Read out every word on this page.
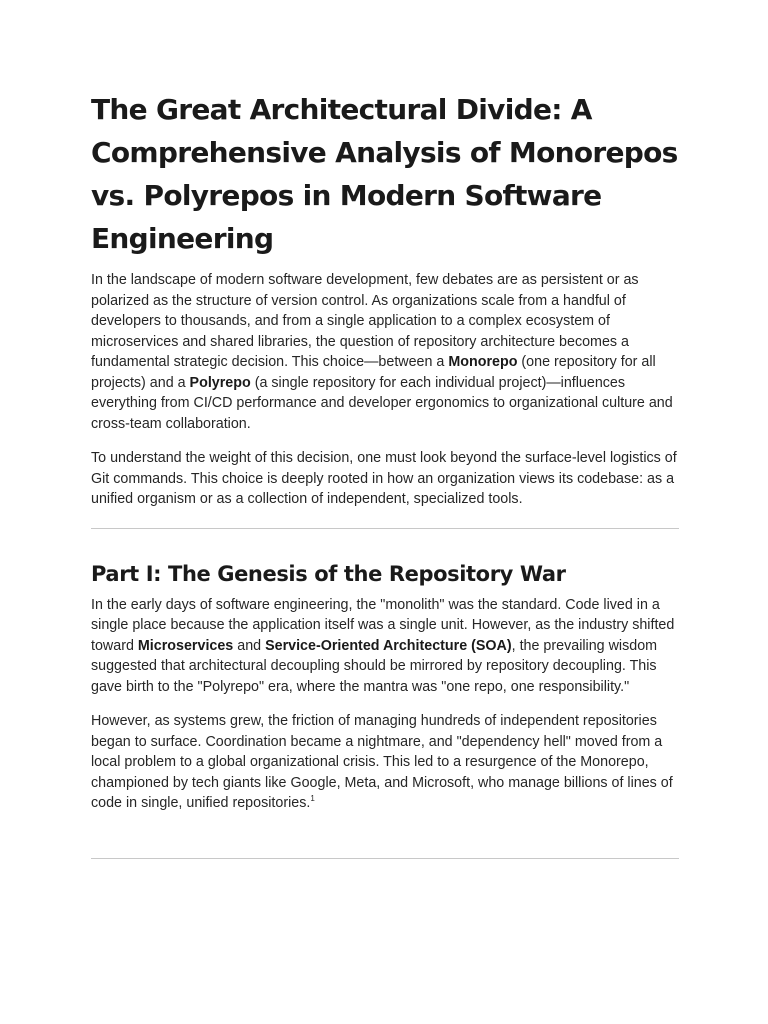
The Great Architectural Divide: A Comprehensive Analysis of Monorepos vs. Polyrepos in Modern Software Engineering

In the landscape of modern software development, few debates are as persistent or as polarized as the structure of version control. As organizations scale from a handful of developers to thousands, and from a single application to a complex ecosystem of microservices and shared libraries, the question of repository architecture becomes a fundamental strategic decision. This choice—between a Monorepo (one repository for all projects) and a Polyrepo (a single repository for each individual project)—influences everything from CI/CD performance and developer ergonomics to organizational culture and cross-team collaboration.

To understand the weight of this decision, one must look beyond the surface-level logistics of Git commands. This choice is deeply rooted in how an organization views its codebase: as a unified organism or as a collection of independent, specialized tools.

Part I: The Genesis of the Repository War

In the early days of software engineering, the "monolith" was the standard. Code lived in a single place because the application itself was a single unit. However, as the industry shifted toward Microservices and Service-Oriented Architecture (SOA), the prevailing wisdom suggested that architectural decoupling should be mirrored by repository decoupling. This gave birth to the "Polyrepo" era, where the mantra was "one repo, one responsibility."

However, as systems grew, the friction of managing hundreds of independent repositories began to surface. Coordination became a nightmare, and "dependency hell" moved from a local problem to a global organizational crisis. This led to a resurgence of the Monorepo, championed by tech giants like Google, Meta, and Microsoft, who manage billions of lines of code in single, unified repositories.$^1$
